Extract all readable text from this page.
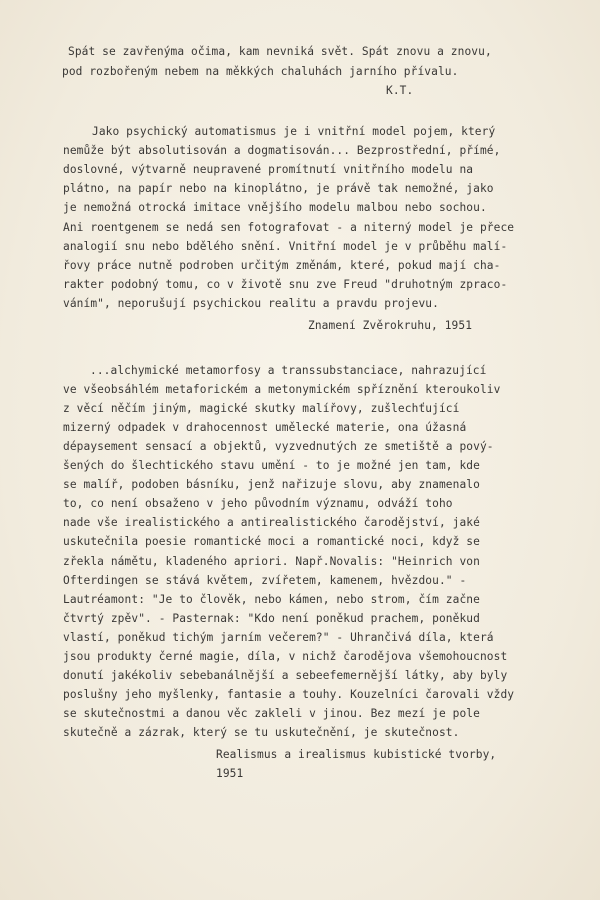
Spát se zavřenýma očima, kam nevniká svět. Spát znovu a znovu,

pod rozbořeným nebem na měkkých chaluhách jarního přívalu.

K.T.

Jako psychický automatismus je i vnitřní model pojem, který

nemůže být absolutisován a dogmatisován... Bezprostřední, přímé,

doslovné, výtvarně neupravené promítnutí vnitřního modelu na

plátno, na papír nebo na kinoplátno, je právě tak nemožné, jako

je nemožná otrocká imitace vnějšího modelu malbou nebo sochou.

Ani roentgenem se nedá sen fotografovat - a niterný model je přece

analogií snu nebo bdělého snění. Vnitřní model je v průběhu malí-

řovy práce nutně podroben určitým změnám, které, pokud mají cha-

rakter podobný tomu, co v životě snu zve Freud "druhotným zpraco-

váním", neporušují psychickou realitu a pravdu projevu.

Znamení Zvěrokruhu, 1951

...alchymické metamorfosy a transsubstanciace, nahrazující

ve všeobsáhlém metaforickém a metonymickém spříznění kteroukoliv

z věcí něčím jiným, magické skutky malířovy, zušlechťující

mizerný odpadek v drahocennost umělecké materie, ona úžasná

dépaysement sensací a objektů, vyzvednutých ze smetiště a pový-

šených do šlechtického stavu umění - to je možné jen tam, kde

se malíř, podoben básníku, jenž nařizuje slovu, aby znamenalo

to, co není obsaženo v jeho původním významu, odváží toho

nade vše irealistického a antirealistického čarodějství, jaké

uskutečnila poesie romantické moci a romantické noci, když se

zřekla námětu, kladeného apriori. Např.Novalis: "Heinrich von

Ofterdingen se stává květem, zvířetem, kamenem, hvězdou." -

Lautréamont: "Je to člověk, nebo kámen, nebo strom, čím začne

čtvrtý zpěv". - Pasternak: "Kdo není poněkud prachem, poněkud

vlastí, poněkud tichým jarním večerem?" - Uhrančivá díla, která

jsou produkty černé magie, díla, v nichž čarodějova všemohoucnost

donutí jakékoliv sebebanálnější a sebeefemernější látky, aby byly

poslušny jeho myšlenky, fantasie a touhy. Kouzelníci čarovali vždy

se skutečnostmi a danou věc zakleli v jinou. Bez mezí je pole

skutečně a zázrak, který se tu uskutečnění, je skutečnost.

Realismus a irealismus kubistické tvorby,

1951
